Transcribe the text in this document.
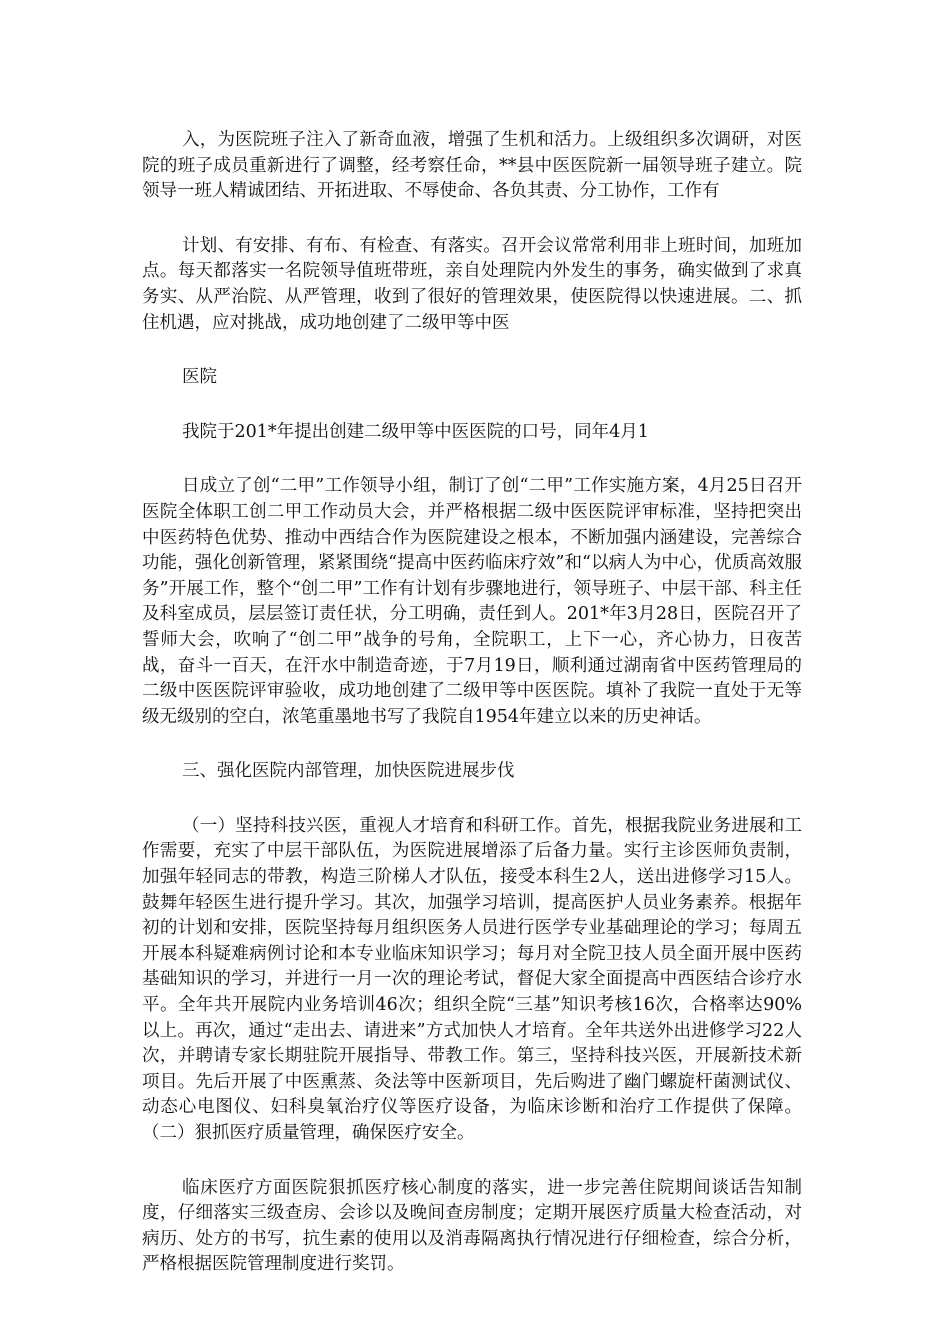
入，为医院班子注入了新奇血液，增强了生机和活力。上级组织多次调研，对医院的班子成员重新进行了调整，经考察任命，**县中医医院新一届领导班子建立。院领导一班人精诚团结、开拓进取、不辱使命、各负其责、分工协作，工作有

计划、有安排、有布、有检查、有落实。召开会议常常利用非上班时间，加班加点。每天都落实一名院领导值班带班，亲自处理院内外发生的事务，确实做到了求真务实、从严治院、从严管理，收到了很好的管理效果，使医院得以快速进展。二、抓住机遇，应对挑战，成功地创建了二级甲等中医

医院

我院于201*年提出创建二级甲等中医医院的口号，同年4月1

日成立了创“二甲”工作领导小组，制订了创“二甲”工作实施方案，4月25日召开医院全体职工创二甲工作动员大会，并严格根据二级中医医院评审标准，坚持把突出中医药特色优势、推动中西结合作为医院建设之根本，不断加强内涵建设，完善综合功能，强化创新管理，紧紧围绕“提高中医药临床疗效”和“以病人为中心，优质高效服务”开展工作，整个“创二甲”工作有计划有步骤地进行，领导班子、中层干部、科主任及科室成员，层层签订责任状，分工明确，责任到人。201*年3月28日，医院召开了誓师大会，吹响了“创二甲”战争的号角，全院职工，上下一心，齐心协力，日夜苦战，奋斗一百天，在汗水中制造奇迹，于7月19日，顺利通过湖南省中医药管理局的二级中医医院评审验收，成功地创建了二级甲等中医医院。填补了我院一直处于无等级无级别的空白，浓笔重墨地书写了我院自1954年建立以来的历史神话。

三、强化医院内部管理，加快医院进展步伐

（一）坚持科技兴医，重视人才培育和科研工作。首先，根据我院业务进展和工作需要，充实了中层干部队伍，为医院进展增添了后备力量。实行主诊医师负责制，加强年轻同志的带教，构造三阶梯人才队伍，接受本科生2人，送出进修学习15人。鼓舞年轻医生进行提升学习。其次，加强学习培训，提高医护人员业务素养。根据年初的计划和安排，医院坚持每月组织医务人员进行医学专业基础理论的学习；每周五开展本科疑难病例讨论和本专业临床知识学习；每月对全院卫技人员全面开展中医药基础知识的学习，并进行一月一次的理论考试，督促大家全面提高中西医结合诊疗水平。全年共开展院内业务培训46次；组织全院“三基”知识考核16次，合格率达90%以上。再次，通过“走出去、请进来”方式加快人才培育。全年共送外出进修学习22人次，并聘请专家长期驻院开展指导、带教工作。第三，坚持科技兴医，开展新技术新项目。先后开展了中医熏蒸、灸法等中医新项目，先后购进了幽门螺旋杆菌测试仪、动态心电图仪、妇科臭氧治疗仪等医疗设备，为临床诊断和治疗工作提供了保障。（二）狠抓医疗质量管理，确保医疗安全。

临床医疗方面医院狠抓医疗核心制度的落实，进一步完善住院期间谈话告知制度，仔细落实三级查房、会诊以及晚间查房制度；定期开展医疗质量大检查活动，对病历、处方的书写，抗生素的使用以及消毒隔离执行情况进行仔细检查，综合分析，严格根据医院管理制度进行奖罚。
